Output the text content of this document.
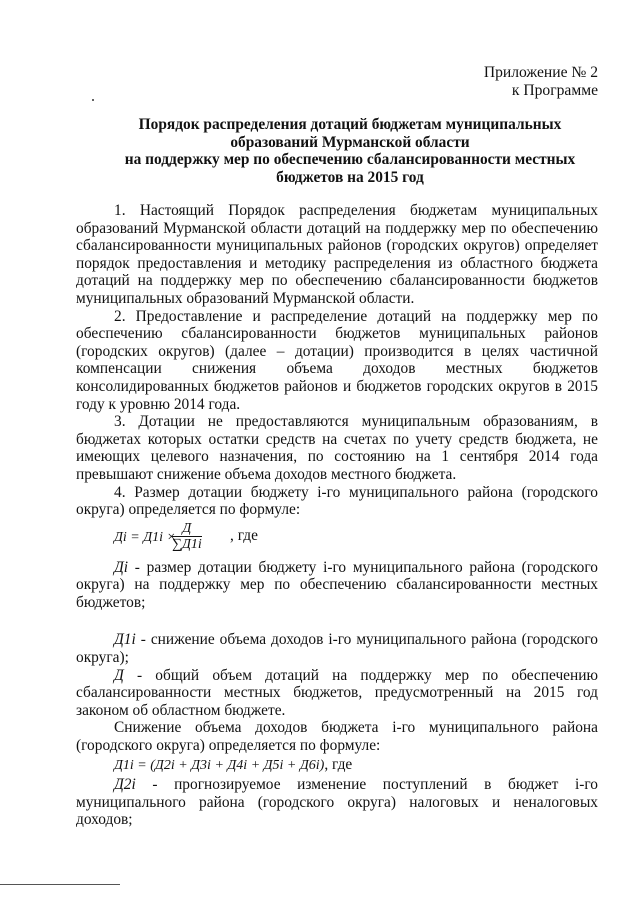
Приложение № 2
к Программе
Порядок распределения дотаций бюджетам муниципальных
образований Мурманской области
на поддержку мер по обеспечению сбалансированности местных
бюджетов на 2015 год

1. Настоящий Порядок распределения бюджетам муниципальных образований Мурманской области дотаций на поддержку мер по обеспечению сбалансированности муниципальных районов (городских округов) определяет порядок предоставления и методику распределения из областного бюджета дотаций на поддержку мер по обеспечению сбалансированности бюджетов муниципальных образований Мурманской области.

2. Предоставление и распределение дотаций на поддержку мер по обеспечению сбалансированности бюджетов муниципальных районов (городских округов) (далее – дотации) производится в целях частичной компенсации снижения объема доходов местных бюджетов консолидированных бюджетов районов и бюджетов городских округов в 2015 году к уровню 2014 года.

3. Дотации не предоставляются муниципальным образованиям, в бюджетах которых остатки средств на счетах по учету средств бюджета, не имеющих целевого назначения, по состоянию на 1 сентября 2014 года превышают снижение объема доходов местного бюджета.

4. Размер дотации бюджету i-го муниципального района (городского округа) определяется по формуле:

Дi = Д1i ×
Д
∑Д1i
, где

Дi - размер дотации бюджету i-го муниципального района (городского округа) на поддержку мер по обеспечению сбалансированности местных бюджетов;

Д1i - снижение объема доходов i-го муниципального района (городского округа);

Д - общий объем дотаций на поддержку мер по обеспечению сбалансированности местных бюджетов, предусмотренный на 2015 год законом об областном бюджете.

Снижение объема доходов бюджета i-го муниципального района (городского округа) определяется по формуле:

Д1i = (Д2i + Д3i + Д4i + Д5i + Д6i), где

Д2i - прогнозируемое изменение поступлений в бюджет i-го муниципального района (городского округа) налоговых и неналоговых доходов;
